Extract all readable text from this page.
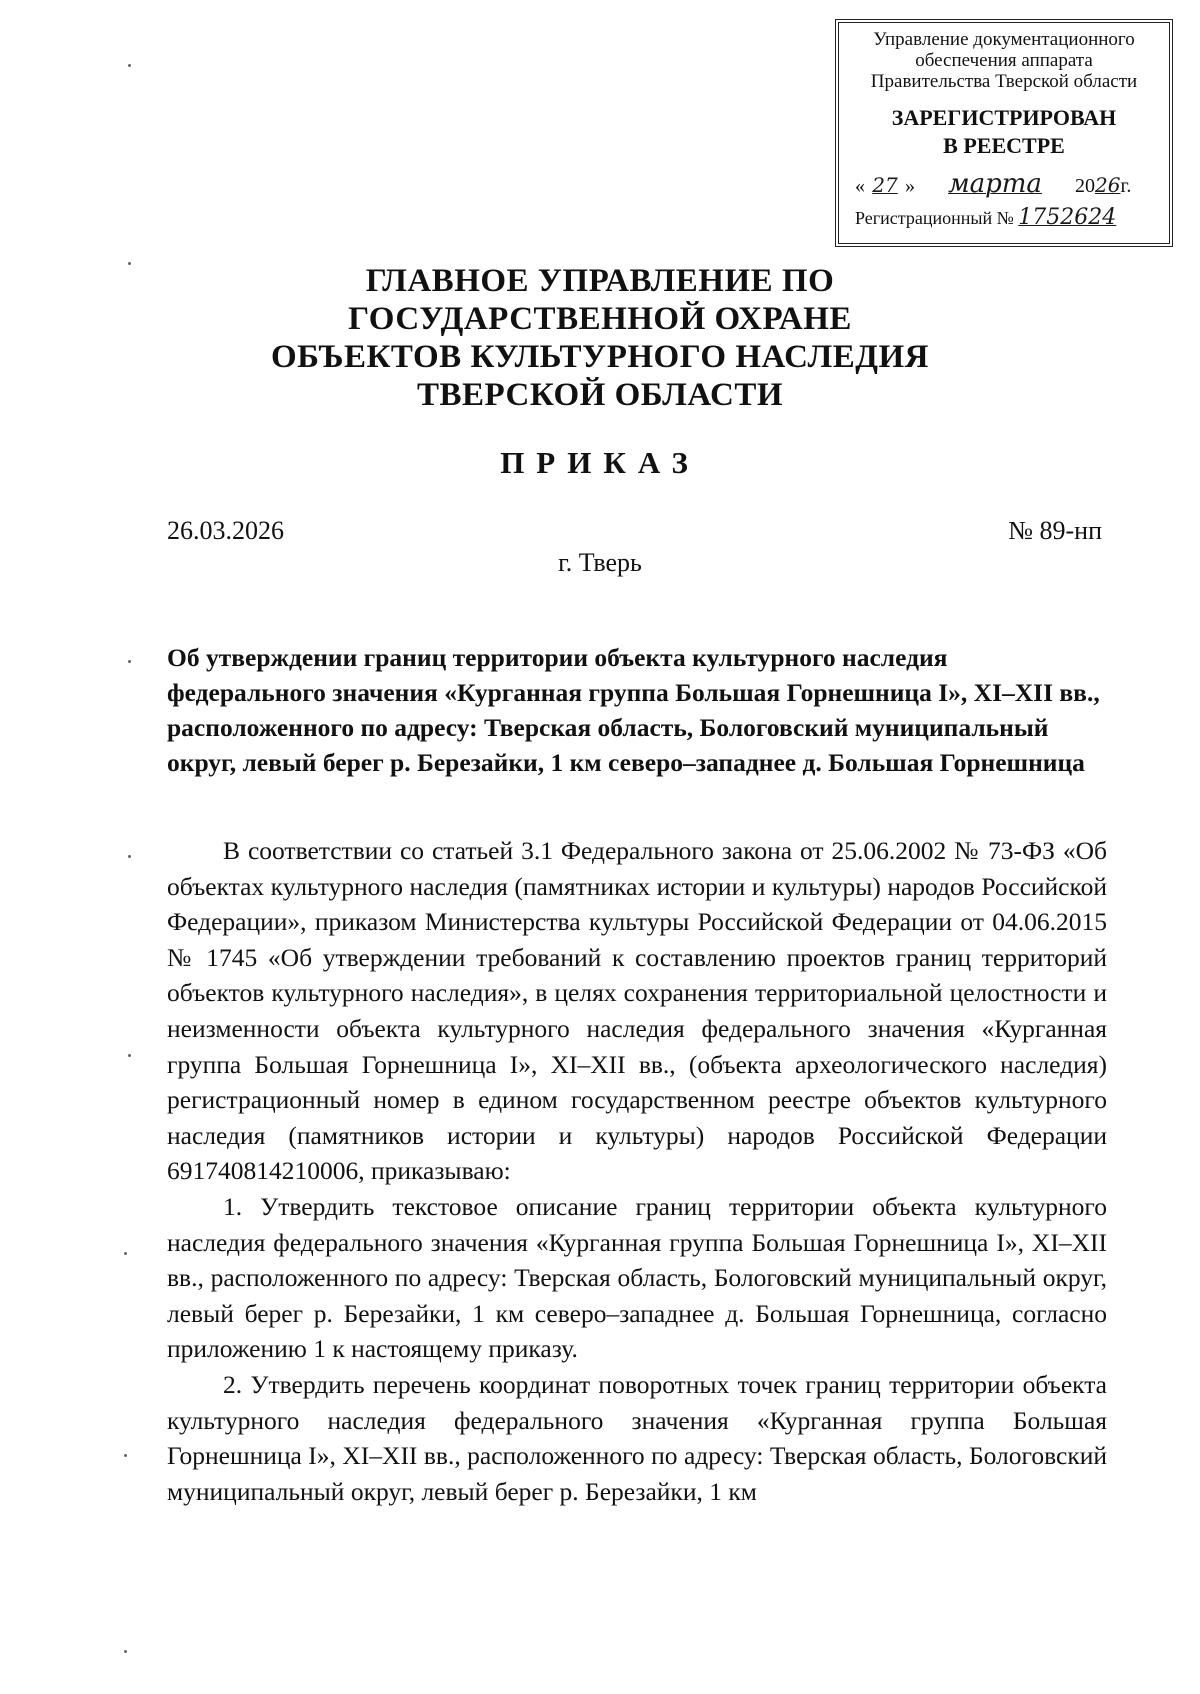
Управление документационного
обеспечения аппарата
Правительства Тверской области
ЗАРЕГИСТРИРОВАН
В РЕЕСТРЕ
« 27 » марта 2026г.
Регистрационный № 1752624
ГЛАВНОЕ УПРАВЛЕНИЕ ПО
ГОСУДАРСТВЕННОЙ ОХРАНЕ
ОБЪЕКТОВ КУЛЬТУРНОГО НАСЛЕДИЯ
ТВЕРСКОЙ ОБЛАСТИ
ПРИКАЗ
26.03.2026	№ 89-нп
г. Тверь
Об утверждении границ территории объекта культурного наследия федерального значения «Курганная группа Большая Горнешница I», XI–XII вв., расположенного по адресу: Тверская область, Бологовский муниципальный округ, левый берег р. Березайки, 1 км северо–западнее д. Большая Горнешница

В соответствии со статьей 3.1 Федерального закона от 25.06.2002 № 73-ФЗ «Об объектах культурного наследия (памятниках истории и культуры) народов Российской Федерации», приказом Министерства культуры Российской Федерации от 04.06.2015 № 1745 «Об утверждении требований к составлению проектов границ территорий объектов культурного наследия», в целях сохранения территориальной целостности и неизменности объекта культурного наследия федерального значения «Курганная группа Большая Горнешница I», XI–XII вв., (объекта археологического наследия) регистрационный номер в едином государственном реестре объектов культурного наследия (памятников истории и культуры) народов Российской Федерации 691740814210006, приказываю:

1. Утвердить текстовое описание границ территории объекта культурного наследия федерального значения «Курганная группа Большая Горнешница I», XI–XII вв., расположенного по адресу: Тверская область, Бологовский муниципальный округ, левый берег р. Березайки, 1 км северо–западнее д. Большая Горнешница, согласно приложению 1 к настоящему приказу.

2. Утвердить перечень координат поворотных точек границ территории объекта культурного наследия федерального значения «Курганная группа Большая Горнешница I», XI–XII вв., расположенного по адресу: Тверская область, Бологовский муниципальный округ, левый берег р. Березайки, 1 км
